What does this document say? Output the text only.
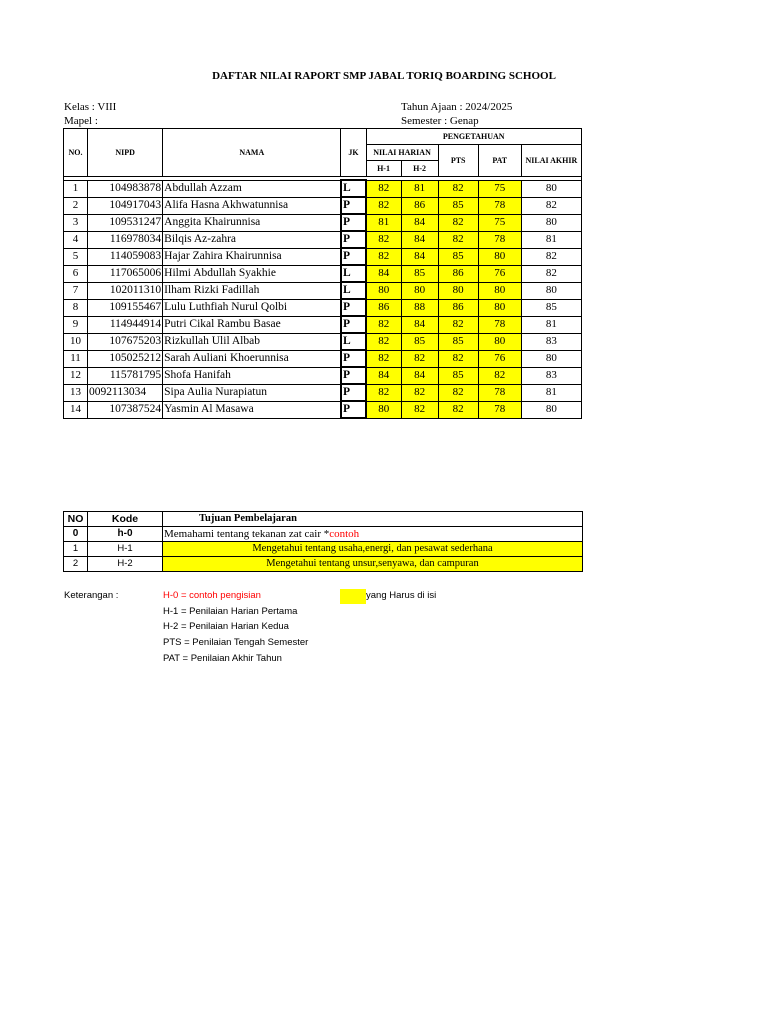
DAFTAR NILAI RAPORT SMP JABAL TORIQ BOARDING SCHOOL
Kelas : VIII
Mapel :
Tahun Ajaan : 2024/2025
Semester : Genap
NO.	NIPD	NAMA	JK	PENGETAHUAN				
				NILAI HARIAN		PTS	PAT	NILAI AKHIR
				H-1	H-2			

1	104983878	Abdullah Azzam	L	82	81	82	75	80
2	104917043	Alifa Hasna Akhwatunnisa	P	82	86	85	78	82
3	109531247	Anggita Khairunnisa	P	81	84	82	75	80
4	116978034	Bilqis Az-zahra	P	82	84	82	78	81
5	114059083	Hajar Zahira Khairunnisa	P	82	84	85	80	82
6	117065006	Hilmi Abdullah Syakhie	L	84	85	86	76	82
7	102011310	Ilham Rizki Fadillah	L	80	80	80	80	80
8	109155467	Lulu Luthfiah Nurul Qolbi	P	86	88	86	80	85
9	114944914	Putri Cikal Rambu Basae	P	82	84	82	78	81
10	107675203	Rizkullah Ulil Albab	L	82	85	85	80	83
11	105025212	Sarah Auliani Khoerunnisa	P	82	82	82	76	80
12	115781795	Shofa Hanifah	P	84	84	85	82	83
13	0092113034	Sipa Aulia Nurapiatun	P	82	82	82	78	81
14	107387524	Yasmin Al Masawa	P	80	82	82	78	80
NO	Kode	Tujuan Pembelajaran
0	h-0	Memahami tentang tekanan zat cair *contoh
1	H-1	Mengetahui tentang usaha,energi, dan pesawat sederhana
2	H-2	Mengetahui tentang unsur,senyawa, dan campuran
Keterangan :	H-0 = contoh pengisian
H-1 = Penilaian Harian Pertama
H-2 = Penilaian Harian Kedua
PTS = Penilaian Tengah Semester
PAT = Penilaian Akhir Tahun
yang Harus di isi
